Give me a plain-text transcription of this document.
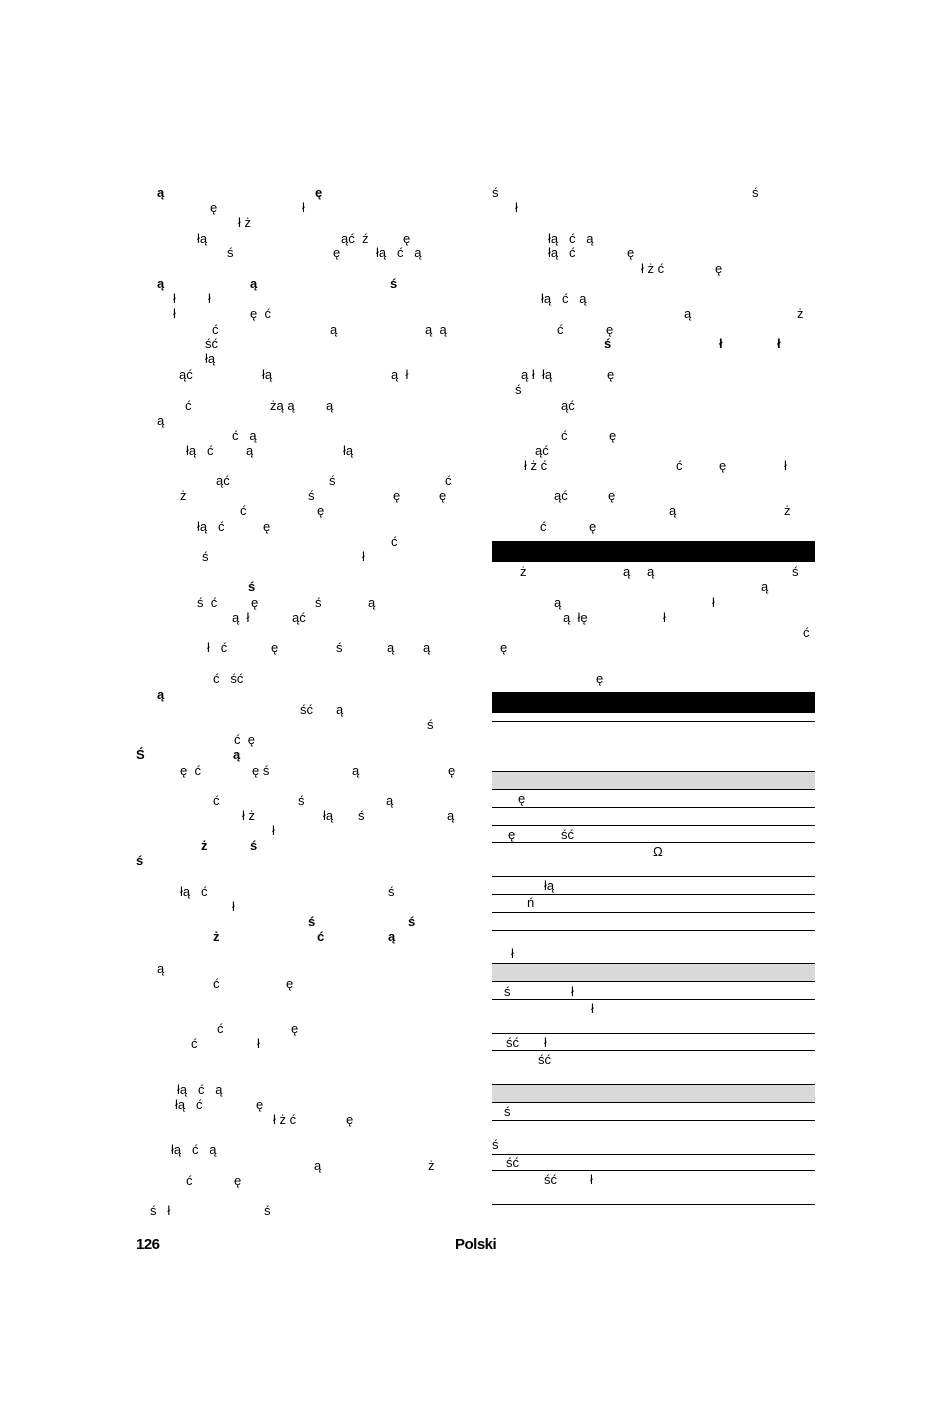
ą	ę
ę	ł
ł ż
łą	ąć  ź	ę
ś	ę	łą   ć   ą
ą	ą	ś
ł ł
ł	ę  ć
ć	ą	ą  ą
ść
łą
ąć	łą	ą  ł
ć	żą ą ą
ą
ć   ą
łą   ć	ą	łą
ąć	ś	ć
ż	ś	ę	ę
ć	ę
łą   ć	ę
ć
ś	ł
ś
ś  ć	ę	ś	ą
ą  ł	ąć
ł   ć	ę	ś	ą ą
ć   ść
ą
ść ą
ś
ć  ę
Ś	ą
ę  ć	ę ś	ą	ę
ć	ś	ą
ł ż	łą ś	ą
ł
ż	ś
ś
łą   ć	ś
ł
ś	ś
ż	ć	ą
ą
ć	ę
ć	ę
ć	ł
łą   ć   ą
łą   ć	ę
ł ż ć	ę
łą   ć   ą
ą	ż
ć	ę
ś   ł	ś
ś	ś
ł
łą   ć   ą
łą   ć	ę
ł ż ć	ę
łą   ć   ą
ą	ż
ć	ę
ś	ł	ł
ą ł  łą	ę
ś
ąć
ć	ę
ąć
ł ż ć	ć	ę	ł
ąć	ę
ą	ż
ć	ę
ż	ą ą	ś
ą
ą	ł
ą  łę	ł
ć
ę
ę
ę
ę	ść
Ω
łą
ń
ł
ś	ł
ł
ść ł
ść
ś
ś
ść
ść	ł
126	Polski
